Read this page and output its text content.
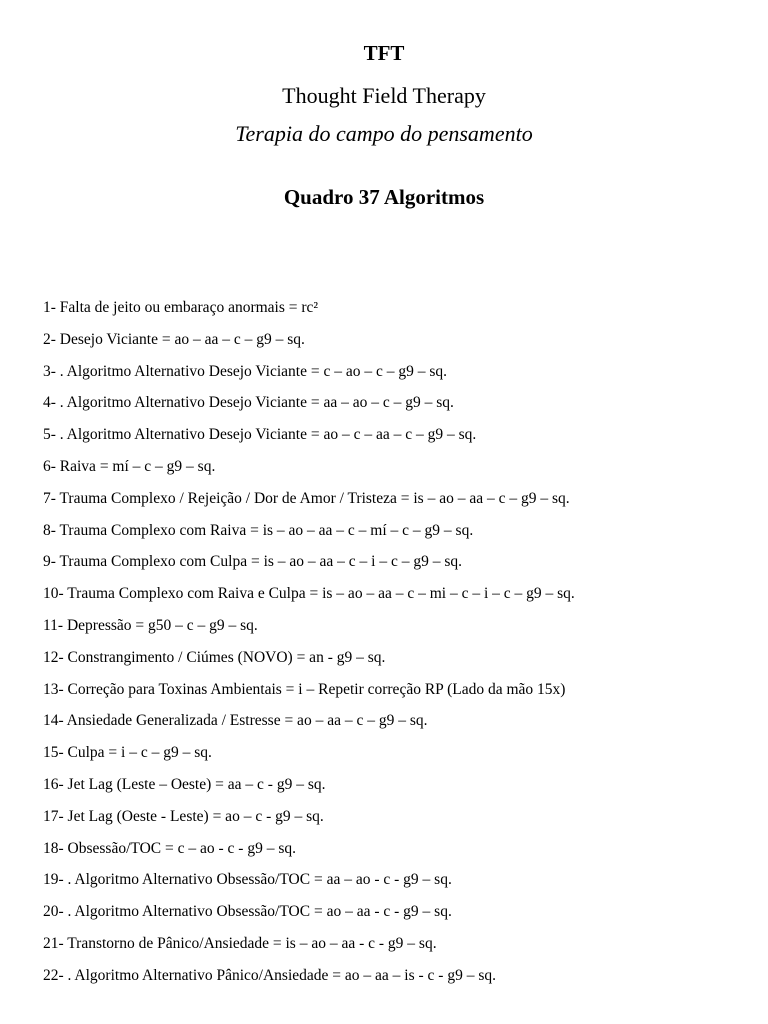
TFT
Thought Field Therapy
Terapia do campo do pensamento
Quadro 37 Algoritmos
1- Falta de jeito ou embaraço anormais = rc²
2- Desejo Viciante = ao – aa – c – g9 – sq.
3- . Algoritmo Alternativo Desejo Viciante = c – ao – c – g9 – sq.
4- . Algoritmo Alternativo Desejo Viciante = aa – ao – c – g9 – sq.
5- . Algoritmo Alternativo Desejo Viciante = ao – c – aa – c – g9 – sq.
6- Raiva = mí – c – g9 – sq.
7- Trauma Complexo / Rejeição / Dor de Amor / Tristeza = is – ao – aa – c – g9 – sq.
8- Trauma Complexo com Raiva = is – ao – aa – c – mí – c – g9 – sq.
9- Trauma Complexo com Culpa = is – ao – aa – c – i – c – g9 – sq.
10- Trauma Complexo com Raiva e Culpa = is – ao – aa – c – mi – c – i – c – g9 – sq.
11- Depressão = g50 – c – g9 – sq.
12- Constrangimento / Ciúmes (NOVO) = an - g9 – sq.
13- Correção para Toxinas Ambientais = i – Repetir correção RP (Lado da mão 15x)
14- Ansiedade Generalizada / Estresse = ao – aa – c – g9 – sq.
15- Culpa = i – c – g9 – sq.
16- Jet Lag (Leste – Oeste) = aa – c - g9 – sq.
17- Jet Lag (Oeste - Leste) = ao – c - g9 – sq.
18- Obsessão/TOC = c – ao - c - g9 – sq.
19- . Algoritmo Alternativo Obsessão/TOC = aa – ao - c - g9 – sq.
20- . Algoritmo Alternativo Obsessão/TOC = ao – aa - c - g9 – sq.
21- Transtorno de Pânico/Ansiedade = is – ao – aa - c - g9 – sq.
22- . Algoritmo Alternativo Pânico/Ansiedade = ao – aa – is - c - g9 – sq.
